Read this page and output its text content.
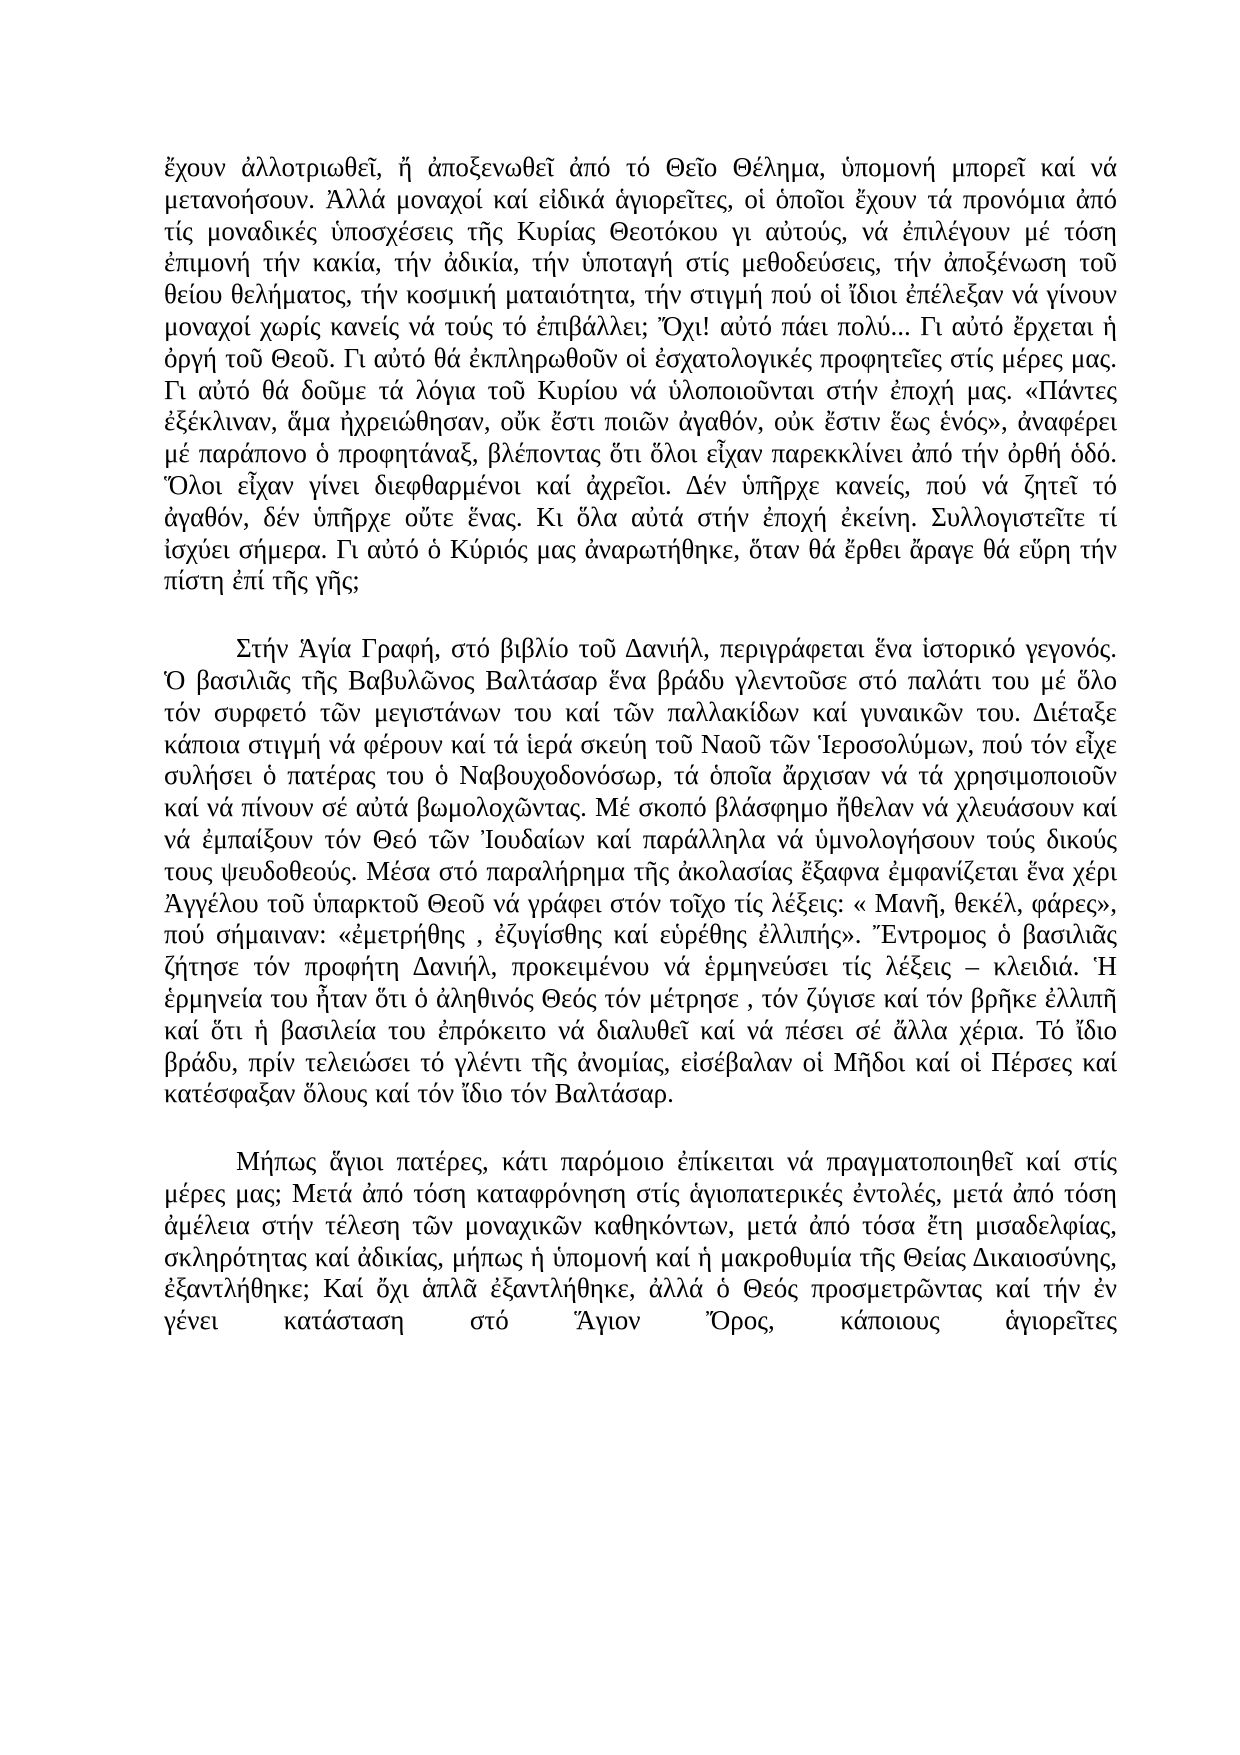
ἔχουν ἀλλοτριωθεῖ, ἤ ἀποξενωθεῖ ἀπό τό Θεῖο Θέλημα, ὑπομονή μπορεῖ καί νά μετανοήσουν. Ἀλλά μοναχοί καί εἰδικά ἁγιορεῖτες, οἱ ὁποῖοι ἔχουν τά προνόμια ἀπό τίς μοναδικές ὑποσχέσεις τῆς Κυρίας Θεοτόκου γι αὐτούς, νά ἐπιλέγουν μέ τόση ἐπιμονή τήν κακία, τήν ἀδικία, τήν ὑποταγή στίς μεθοδεύσεις, τήν ἀποξένωση τοῦ θείου θελήματος, τήν κοσμική ματαιότητα, τήν στιγμή πού οἱ ἴδιοι ἐπέλεξαν νά γίνουν μοναχοί χωρίς κανείς νά τούς τό ἐπιβάλλει; Ὄχι! αὐτό πάει πολύ... Γι αὐτό ἔρχεται ἡ ὀργή τοῦ Θεοῦ. Γι αὐτό θά ἐκπληρωθοῦν οἱ ἐσχατολογικές προφητεῖες στίς μέρες μας. Γι αὐτό θά δοῦμε τά λόγια τοῦ Κυρίου νά ὑλοποιοῦνται στήν ἐποχή μας. «Πάντες ἐξέκλιναν, ἅμα ἠχρειώθησαν, οὔκ ἔστι ποιῶν ἀγαθόν, οὐκ ἔστιν ἕως ἑνός», ἀναφέρει μέ παράπονο ὁ προφητάναξ, βλέποντας ὅτι ὅλοι εἶχαν παρεκκλίνει ἀπό τήν ὀρθή ὁδό. Ὅλοι εἶχαν γίνει διεφθαρμένοι καί ἀχρεῖοι. Δέν ὑπῆρχε κανείς, πού νά ζητεῖ τό ἀγαθόν, δέν ὑπῆρχε οὔτε ἕνας. Κι ὅλα αὐτά στήν ἐποχή ἐκείνη. Συλλογιστεῖτε τί ἰσχύει σήμερα. Γι αὐτό ὁ Κύριός μας ἀναρωτήθηκε, ὅταν θά ἔρθει ἄραγε θά εὕρη τήν πίστη ἐπί τῆς γῆς;

Στήν Ἁγία Γραφή, στό βιβλίο τοῦ Δανιήλ, περιγράφεται ἕνα ἱστορικό γεγονός. Ὁ βασιλιᾶς τῆς Βαβυλῶνος Βαλτάσαρ ἕνα βράδυ γλεντοῦσε στό παλάτι του μέ ὅλο τόν συρφετό τῶν μεγιστάνων του καί τῶν παλλακίδων καί γυναικῶν του. Διέταξε κάποια στιγμή νά φέρουν καί τά ἱερά σκεύη τοῦ Ναοῦ τῶν Ἱεροσολύμων, πού τόν εἶχε συλήσει ὁ πατέρας του ὁ Ναβουχοδονόσωρ, τά ὁποῖα ἄρχισαν νά τά χρησιμοποιοῦν καί νά πίνουν σέ αὐτά βωμολοχῶντας. Μέ σκοπό βλάσφημο ἤθελαν νά χλευάσουν καί νά ἐμπαίξουν τόν Θεό τῶν Ἰουδαίων καί παράλληλα νά ὑμνολογήσουν τούς δικούς τους ψευδοθεούς. Μέσα στό παραλήρημα τῆς ἀκολασίας ἔξαφνα ἐμφανίζεται ἕνα χέρι Ἀγγέλου τοῦ ὑπαρκτοῦ Θεοῦ νά γράφει στόν τοῖχο τίς λέξεις: « Μανῆ, θεκέλ, φάρες», πού σήμαιναν: «ἐμετρήθης , ἐζυγίσθης καί εὑρέθης ἐλλιπής». Ἔντρομος ὁ βασιλιᾶς ζήτησε τόν προφήτη Δανιήλ, προκειμένου νά ἑρμηνεύσει τίς λέξεις – κλειδιά. Ἡ ἑρμηνεία του ἦταν ὅτι ὁ ἀληθινός Θεός τόν μέτρησε , τόν ζύγισε καί τόν βρῆκε ἐλλιπῆ καί ὅτι ἡ βασιλεία του ἐπρόκειτο νά διαλυθεῖ καί νά πέσει σέ ἄλλα χέρια. Τό ἴδιο βράδυ, πρίν τελειώσει τό γλέντι τῆς ἀνομίας, εἰσέβαλαν οἱ Μῆδοι καί οἱ Πέρσες καί κατέσφαξαν ὅλους καί τόν ἴδιο τόν Βαλτάσαρ.

Μήπως ἅγιοι πατέρες, κάτι παρόμοιο ἐπίκειται νά πραγματοποιηθεῖ καί στίς μέρες μας; Μετά ἀπό τόση καταφρόνηση στίς ἁγιοπατερικές ἐντολές, μετά ἀπό τόση ἀμέλεια στήν τέλεση τῶν μοναχικῶν καθηκόντων, μετά ἀπό τόσα ἔτη μισαδελφίας, σκληρότητας καί ἀδικίας, μήπως ἡ ὑπομονή καί ἡ μακροθυμία τῆς Θείας Δικαιοσύνης, ἐξαντλήθηκε; Καί ὄχι ἁπλᾶ ἐξαντλήθηκε, ἀλλά ὁ Θεός προσμετρῶντας καί τήν ἐν γένει κατάσταση στό Ἅγιον Ὄρος, κάποιους ἁγιορεῖτες
